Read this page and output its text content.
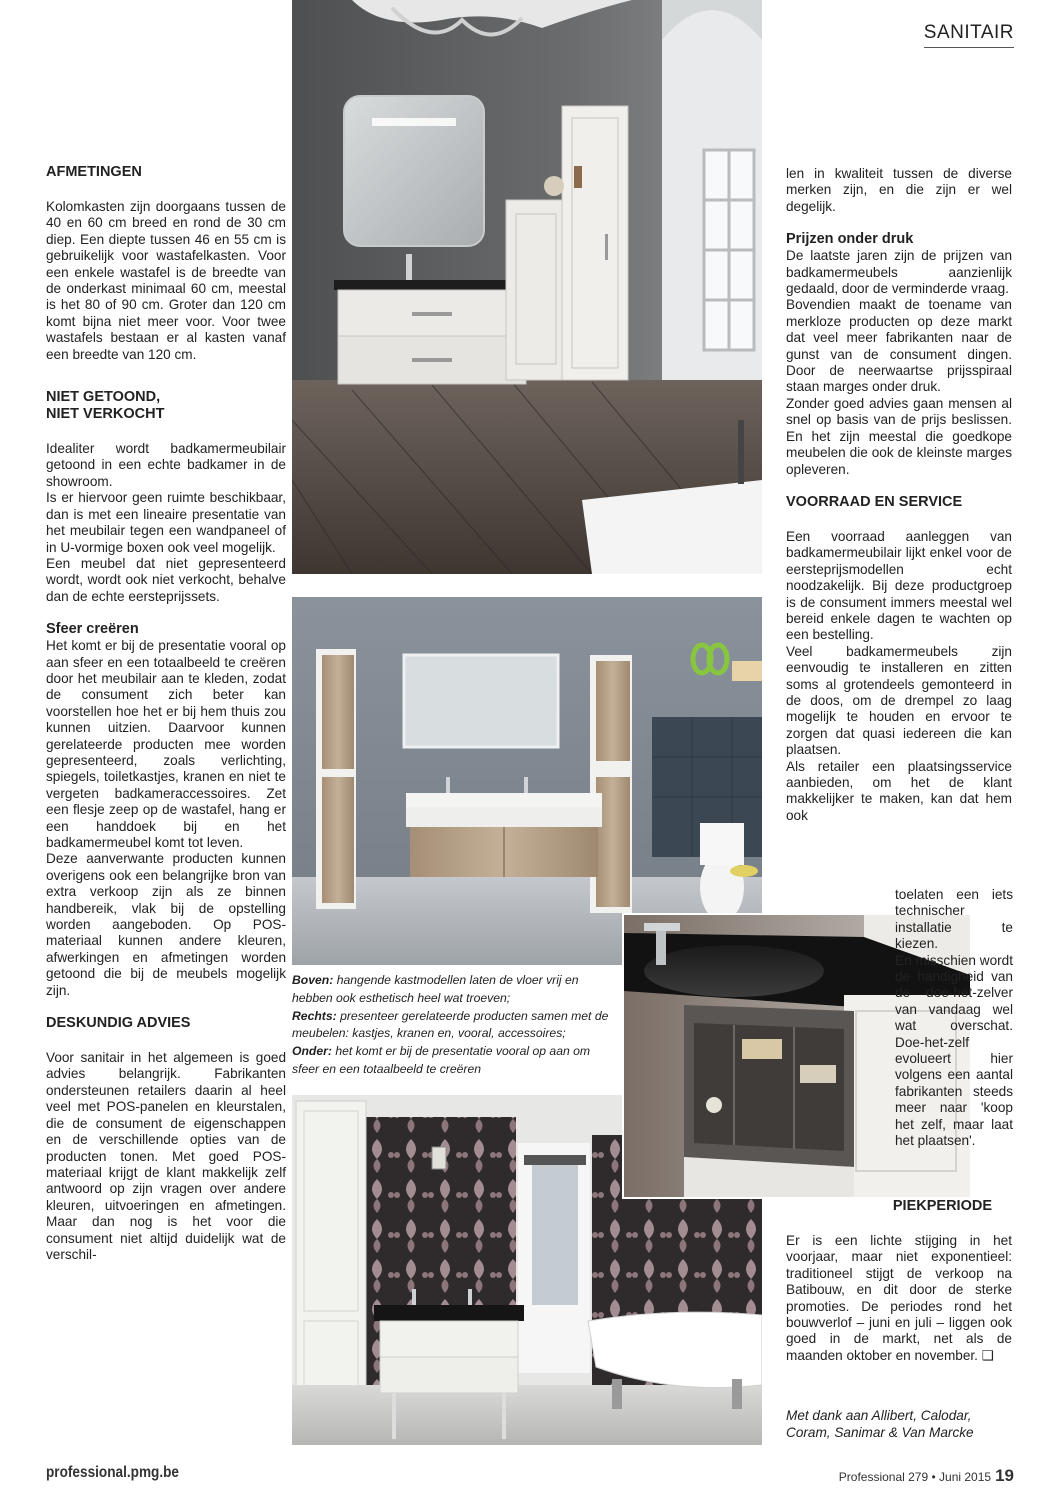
SANITAIR
AFMETINGEN

Kolomkasten zijn doorgaans tussen de 40 en 60 cm breed en rond de 30 cm diep. Een diepte tussen 46 en 55 cm is gebruikelijk voor wastafelkasten. Voor een enkele wastafel is de breedte van de onderkast minimaal 60 cm, meestal is het 80 of 90 cm. Groter dan 120 cm komt bijna niet meer voor. Voor twee wastafels bestaan er al kasten vanaf een breedte van 120 cm.

NIET GETOOND,
NIET VERKOCHT

Idealiter wordt badkamermeubilair getoond in een echte badkamer in de showroom.

Is er hiervoor geen ruimte beschikbaar, dan is met een lineaire presentatie van het meubilair tegen een wandpaneel of in U-vormige boxen ook veel mogelijk.

Een meubel dat niet gepresenteerd wordt, wordt ook niet verkocht, behalve dan de echte eersteprijssets.

Sfeer creëren

Het komt er bij de presentatie vooral op aan sfeer en een totaalbeeld te creëren door het meubilair aan te kleden, zodat de consument zich beter kan voorstellen hoe het er bij hem thuis zou kunnen uitzien. Daarvoor kunnen gerelateerde producten mee worden gepresenteerd, zoals verlichting, spiegels, toiletkastjes, kranen en niet te vergeten badkameraccessoires. Zet een flesje zeep op de wastafel, hang er een handdoek bij en het badkamermeubel komt tot leven.

Deze aanverwante producten kunnen overigens ook een belangrijke bron van extra verkoop zijn als ze binnen handbereik, vlak bij de opstelling worden aangeboden. Op POS-materiaal kunnen andere kleuren, afwerkingen en afmetingen worden getoond die bij de meubels mogelijk zijn.

DESKUNDIG ADVIES

Voor sanitair in het algemeen is goed advies belangrijk. Fabrikanten ondersteunen retailers daarin al heel veel met POS-panelen en kleurstalen, die de consument de eigenschappen en de verschillende opties van de producten tonen. Met goed POS-materiaal krijgt de klant makkelijk zelf antwoord op zijn vragen over andere kleuren, uitvoeringen en afmetingen. Maar dan nog is het voor die consument niet altijd duidelijk wat de verschil-

len in kwaliteit tussen de diverse merken zijn, en die zijn er wel degelijk.

Prijzen onder druk

De laatste jaren zijn de prijzen van badkamermeubels aanzienlijk gedaald, door de verminderde vraag.

Bovendien maakt de toename van merkloze producten op deze markt dat veel meer fabrikanten naar de gunst van de consument dingen. Door de neerwaartse prijsspiraal staan marges onder druk.

Zonder goed advies gaan mensen al snel op basis van de prijs beslissen. En het zijn meestal die goedkope meubelen die ook de kleinste marges opleveren.

VOORRAAD EN SERVICE

Een voorraad aanleggen van badkamermeubilair lijkt enkel voor de eersteprijsmodellen echt noodzakelijk. Bij deze productgroep is de consument immers meestal wel bereid enkele dagen te wachten op een bestelling.

Veel badkamermeubels zijn eenvoudig te installeren en zitten soms al grotendeels gemonteerd in de doos, om de drempel zo laag mogelijk te houden en ervoor te zorgen dat quasi iedereen die kan plaatsen.

Als retailer een plaatsingsservice aanbieden, om het de klant makkelijker te maken, kan dat hem ook

toelaten een iets technischer installatie te kiezen.

En misschien wordt de handigheid van de doe-het-zelver van vandaag wel wat overschat. Doe-het-zelf evolueert hier volgens een aantal fabrikanten steeds meer naar 'koop het zelf, maar laat het plaatsen'.

PIEKPERIODE

Er is een lichte stijging in het voorjaar, maar niet exponentieel: traditioneel stijgt de verkoop na Batibouw, en dit door de sterke promoties. De periodes rond het bouwverlof – juni en juli – liggen ook goed in de markt, net als de maanden oktober en november. ❑

Met dank aan Allibert, Calodar, Coram, Sanimar & Van Marcke

Boven: hangende kastmodellen laten de vloer vrij en hebben ook esthetisch heel wat troeven;
Rechts: presenteer gerelateerde producten samen met de meubelen: kastjes, kranen en, vooral, accessoires;
Onder: het komt er bij de presentatie vooral op aan om sfeer en een totaalbeeld te creëren
professional.pmg.be	Professional 279 • Juni 2015 19
